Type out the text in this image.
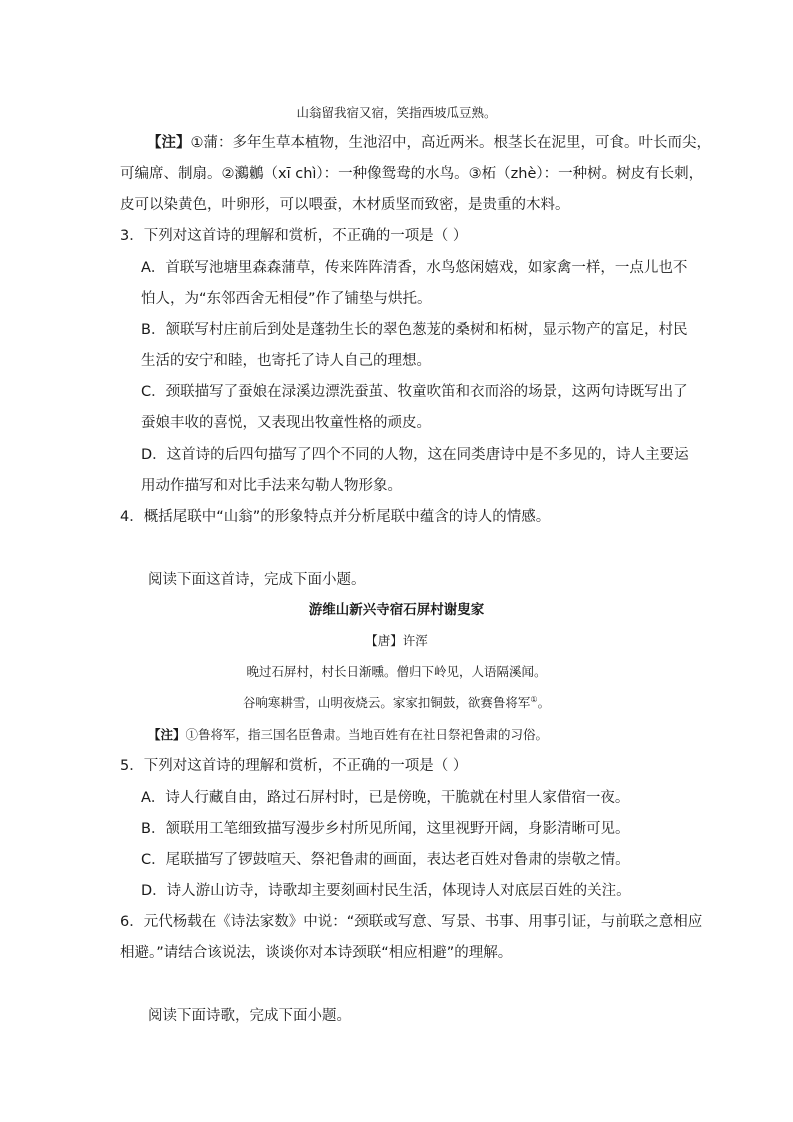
山翁留我宿又宿，笑指西坡瓜豆熟。
【注】①蒲：多年生草本植物，生池沼中，高近两米。根茎长在泥里，可食。叶长而尖，
可编席、制扇。②鸂鶒（xī chì）：一种像鸳鸯的水鸟。③柘（zhè）：一种树。树皮有长刺，
皮可以染黄色，叶卵形，可以喂蚕，木材质坚而致密，是贵重的木料。
3．下列对这首诗的理解和赏析，不正确的一项是（ ）
A．首联写池塘里森森蒲草，传来阵阵清香，水鸟悠闲嬉戏，如家禽一样，一点儿也不
怕人，为“东邻西舍无相侵”作了铺垫与烘托。
B．颔联写村庄前后到处是蓬勃生长的翠色葱茏的桑树和柘树，显示物产的富足，村民
生活的安宁和睦，也寄托了诗人自己的理想。
C．颈联描写了蚕娘在渌溪边漂洗蚕茧、牧童吹笛和衣而浴的场景，这两句诗既写出了
蚕娘丰收的喜悦，又表现出牧童性格的顽皮。
D．这首诗的后四句描写了四个不同的人物，这在同类唐诗中是不多见的，诗人主要运
用动作描写和对比手法来勾勒人物形象。
4．概括尾联中“山翁”的形象特点并分析尾联中蕴含的诗人的情感。
阅读下面这首诗，完成下面小题。
游维山新兴寺宿石屏村谢叟家
【唐】许浑
晚过石屏村，村长日渐曛。僧归下岭见，人语隔溪闻。
谷响寒耕雪，山明夜烧云。家家扣铜鼓，欲赛鲁将军①。
【注】①鲁将军，指三国名臣鲁肃。当地百姓有在社日祭祀鲁肃的习俗。
5．下列对这首诗的理解和赏析，不正确的一项是（ ）
A．诗人行藏自由，路过石屏村时，已是傍晚，干脆就在村里人家借宿一夜。
B．颔联用工笔细致描写漫步乡村所见所闻，这里视野开阔，身影清晰可见。
C．尾联描写了锣鼓喧天、祭祀鲁肃的画面，表达老百姓对鲁肃的崇敬之情。
D．诗人游山访寺，诗歌却主要刻画村民生活，体现诗人对底层百姓的关注。
6．元代杨载在《诗法家数》中说：“颈联或写意、写景、书事、用事引证，与前联之意相应
相避。”请结合该说法，谈谈你对本诗颈联“相应相避”的理解。
阅读下面诗歌，完成下面小题。
